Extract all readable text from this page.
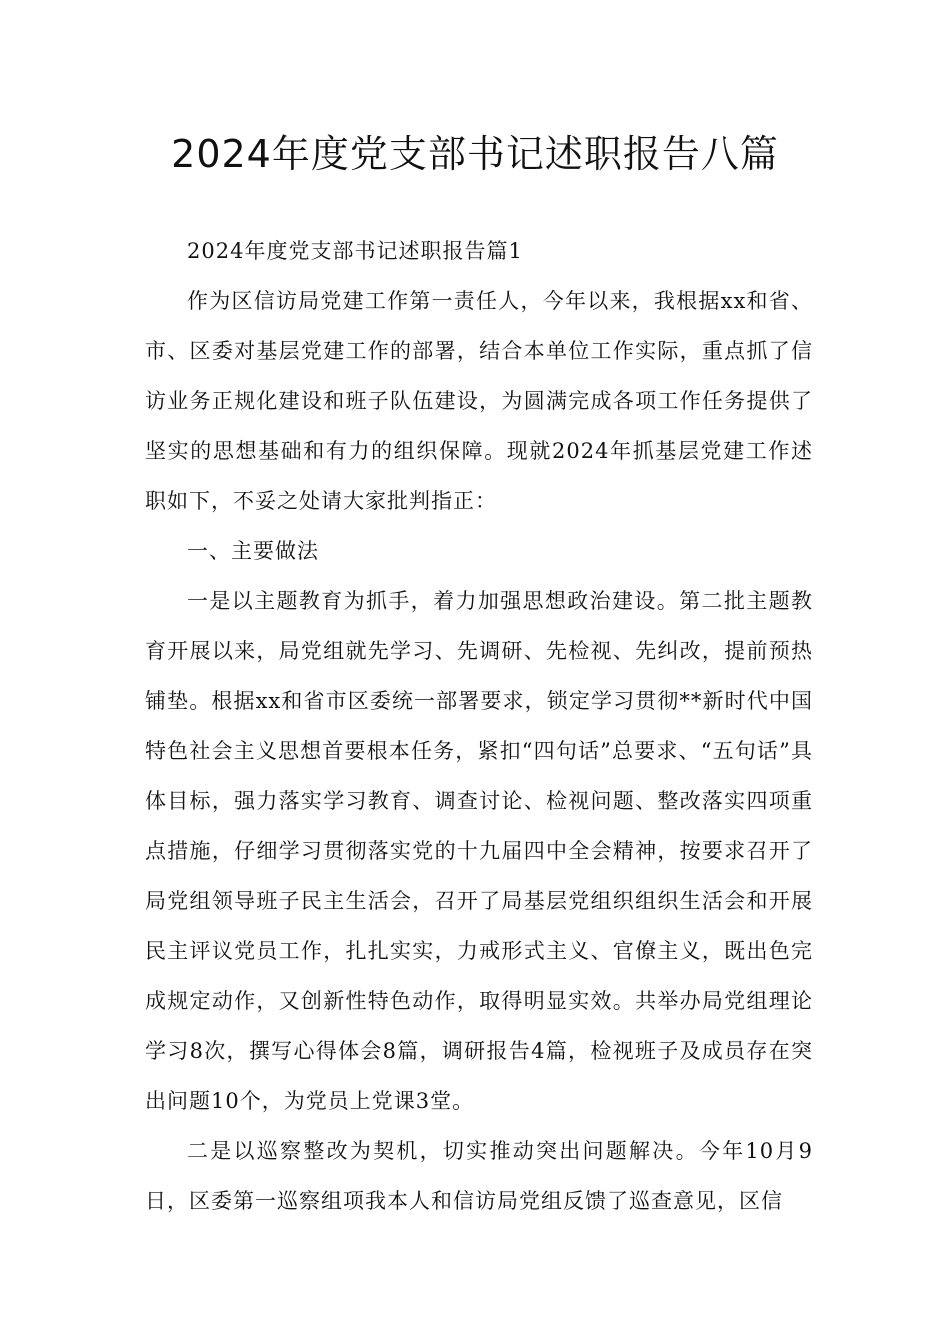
2024年度党支部书记述职报告八篇

2024年度党支部书记述职报告篇1

作为区信访局党建工作第一责任人，今年以来，我根据xx和省、市、区委对基层党建工作的部署，结合本单位工作实际，重点抓了信访业务正规化建设和班子队伍建设，为圆满完成各项工作任务提供了坚实的思想基础和有力的组织保障。现就2024年抓基层党建工作述职如下，不妥之处请大家批判指正：

一、主要做法

一是以主题教育为抓手，着力加强思想政治建设。第二批主题教育开展以来，局党组就先学习、先调研、先检视、先纠改，提前预热铺垫。根据xx和省市区委统一部署要求，锁定学习贯彻**新时代中国特色社会主义思想首要根本任务，紧扣“四句话”总要求、“五句话”具体目标，强力落实学习教育、调查讨论、检视问题、整改落实四项重点措施，仔细学习贯彻落实党的十九届四中全会精神，按要求召开了局党组领导班子民主生活会，召开了局基层党组织组织生活会和开展民主评议党员工作，扎扎实实，力戒形式主义、官僚主义，既出色完成规定动作，又创新性特色动作，取得明显实效。共举办局党组理论学习8次，撰写心得体会8篇，调研报告4篇，检视班子及成员存在突出问题10个，为党员上党课3堂。

二是以巡察整改为契机，切实推动突出问题解决。今年10月9日，区委第一巡察组项我本人和信访局党组反馈了巡查意见，区信
